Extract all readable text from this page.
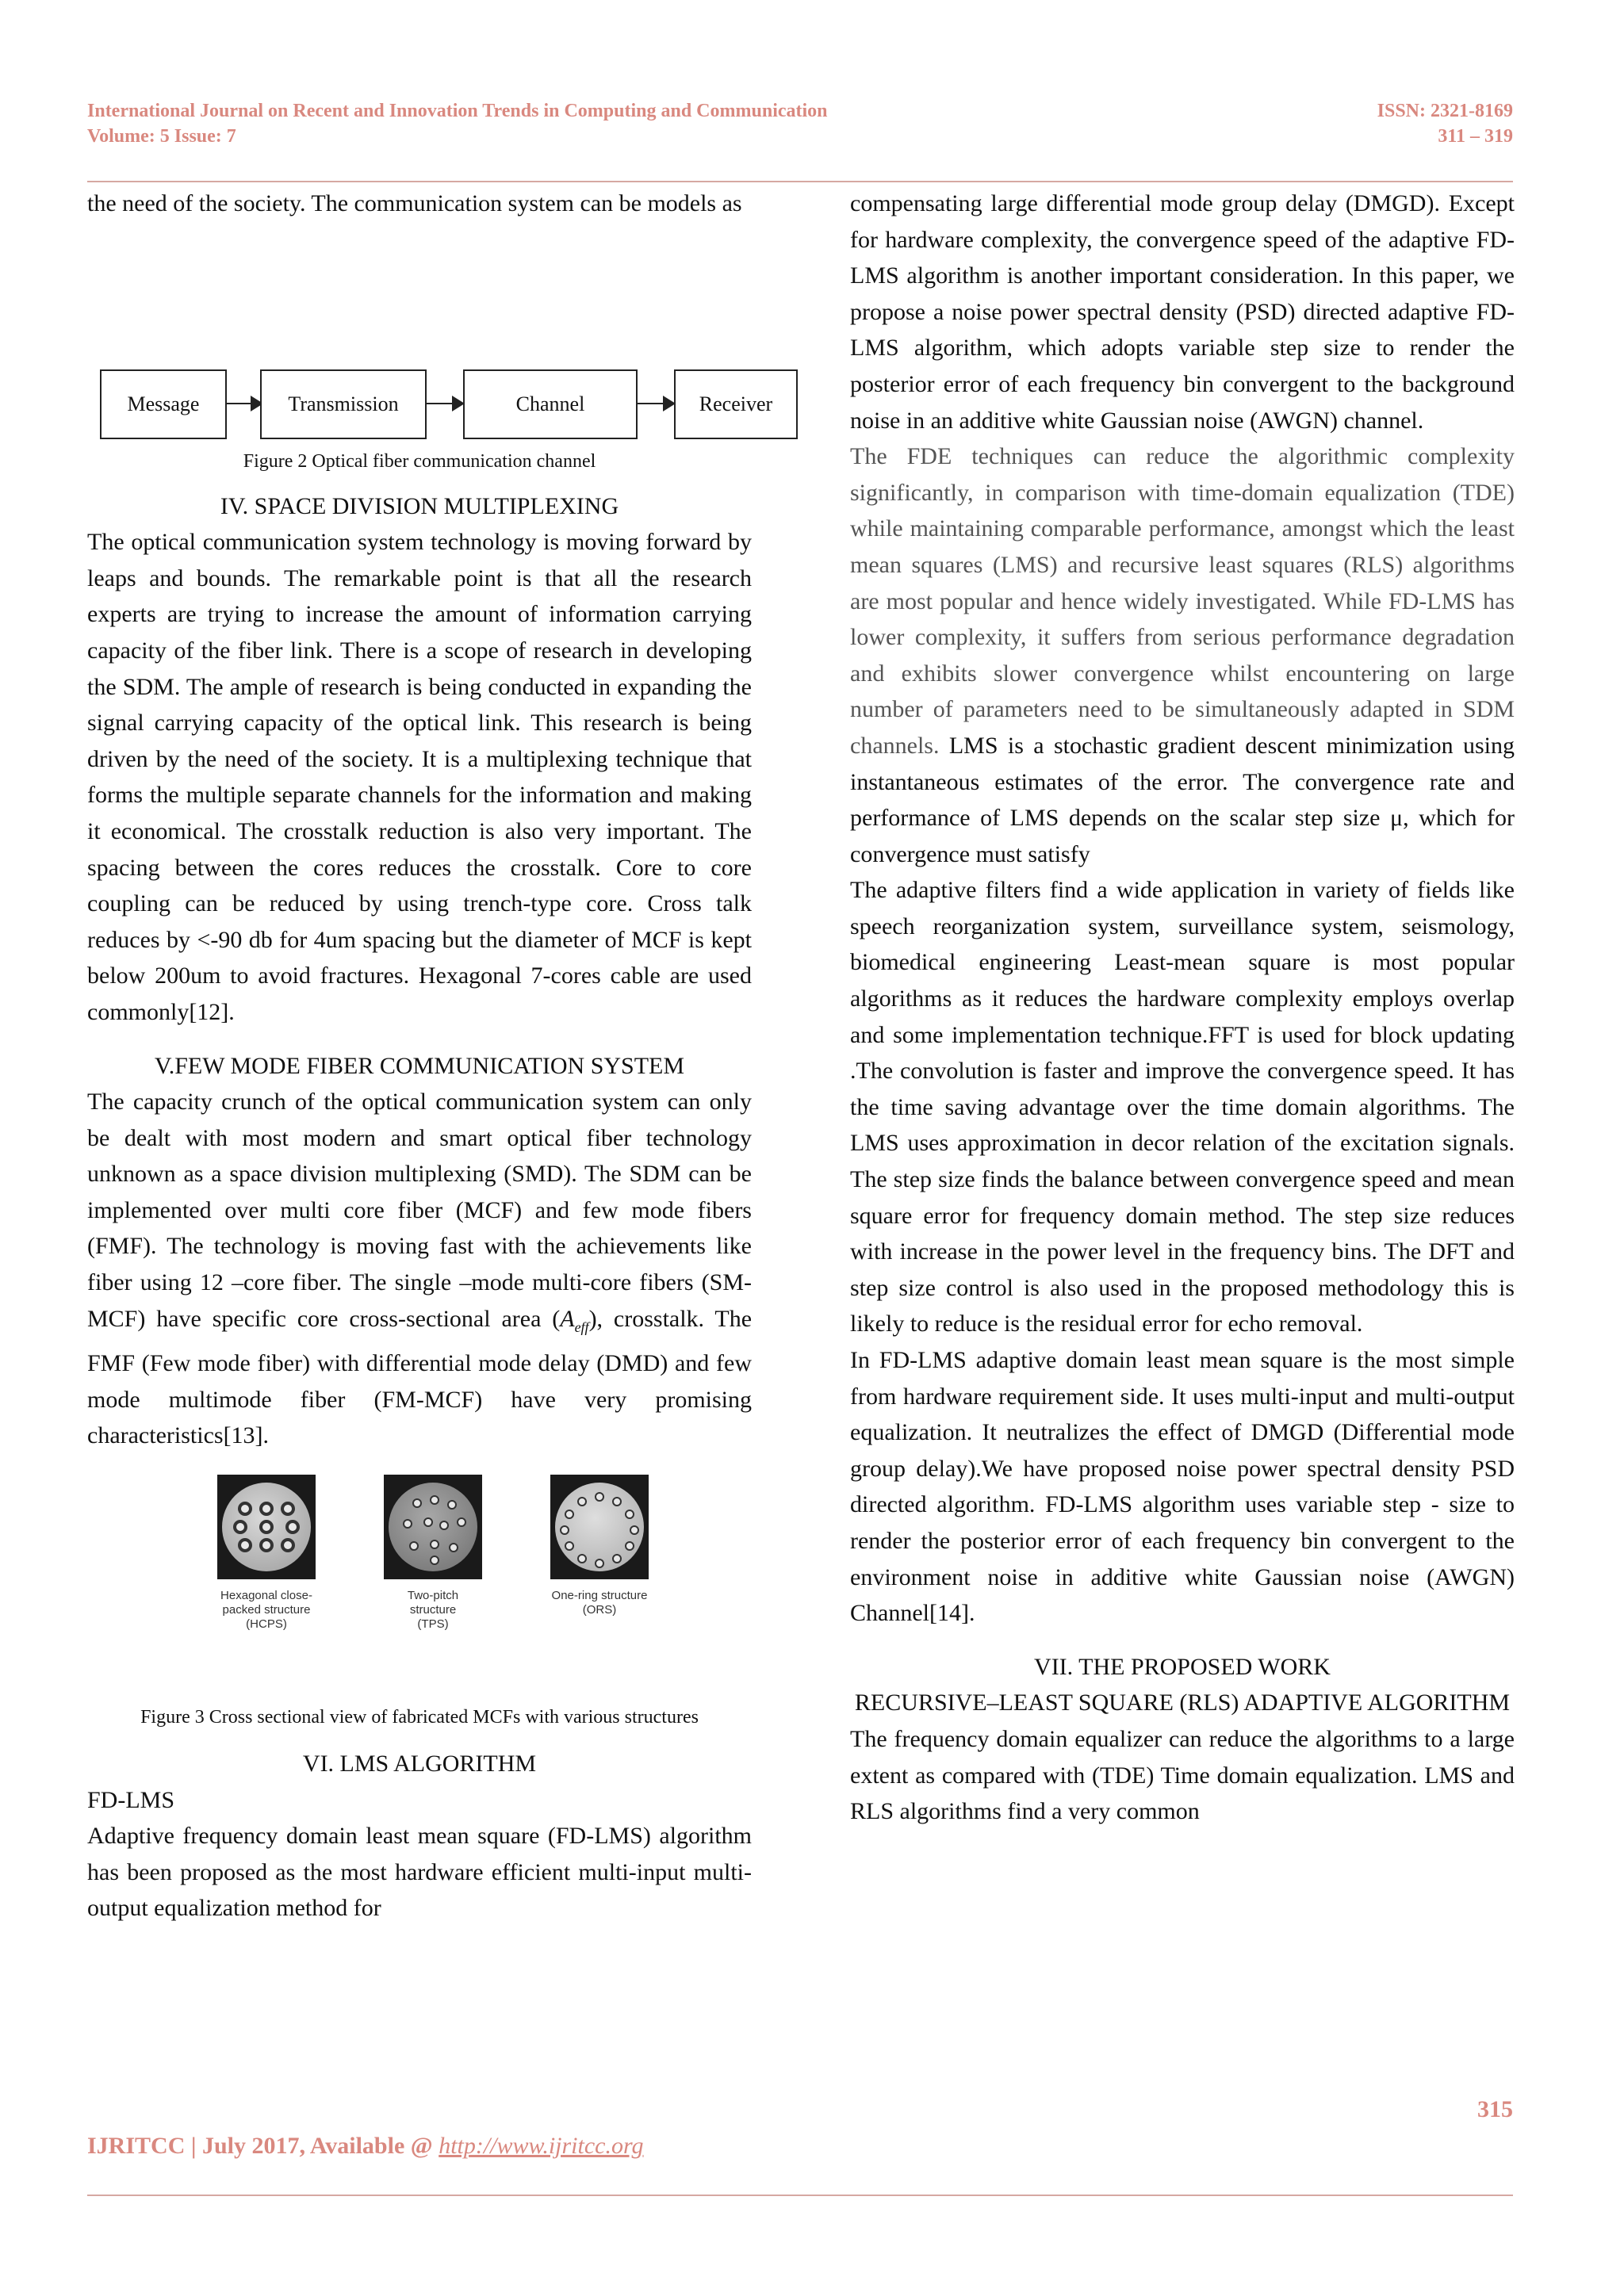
International Journal on Recent and Innovation Trends in Computing and Communication
Volume: 5 Issue: 7
ISSN: 2321-8169
311 – 319

the need of the society. The communication system can be models as

Message	Transmission	Channel	Receiver

Figure 2 Optical fiber communication channel

IV. SPACE DIVISION MULTIPLEXING

The optical communication system technology is moving forward by leaps and bounds. The remarkable point is that all the research experts are trying to increase the amount of information carrying capacity of the fiber link. There is a scope of research in developing the SDM. The ample of research is being conducted in expanding the signal carrying capacity of the optical link. This research is being driven by the need of the society. It is a multiplexing technique that forms the multiple separate channels for the information and making it economical. The crosstalk reduction is also very important. The spacing between the cores reduces the crosstalk. Core to core coupling can be reduced by using trench-type core. Cross talk reduces by <-90 db for 4um spacing but the diameter of MCF is kept below 200um to avoid fractures. Hexagonal 7-cores cable are used commonly[12].

V.FEW MODE FIBER COMMUNICATION SYSTEM

The capacity crunch of the optical communication system can only be dealt with most modern and smart optical fiber technology unknown as a space division multiplexing (SMD). The SDM can be implemented over multi core fiber (MCF) and few mode fibers (FMF). The technology is moving fast with the achievements like fiber using 12 –core fiber. The single –mode multi-core fibers (SM-MCF) have specific core cross-sectional area $(A_{eff})$, crosstalk. The FMF (Few mode fiber) with differential mode delay (DMD) and few mode multimode fiber (FM-MCF) have very promising characteristics[13].

Hexagonal close-packed structure
(HCPS)
Two-pitch structure
(TPS)
One-ring structure
(ORS)

Figure 3 Cross sectional view of fabricated MCFs with various structures

VI. LMS ALGORITHM

FD-LMS

Adaptive frequency domain least mean square (FD-LMS) algorithm has been proposed as the most hardware efficient multi-input multi-output equalization method for

compensating large differential mode group delay (DMGD). Except for hardware complexity, the convergence speed of the adaptive FD-LMS algorithm is another important consideration. In this paper, we propose a noise power spectral density (PSD) directed adaptive FD-LMS algorithm, which adopts variable step size to render the posterior error of each frequency bin convergent to the background noise in an additive white Gaussian noise (AWGN) channel.

The FDE techniques can reduce the algorithmic complexity significantly, in comparison with time-domain equalization (TDE) while maintaining comparable performance, amongst which the least mean squares (LMS) and recursive least squares (RLS) algorithms are most popular and hence widely investigated. While FD-LMS has lower complexity, it suffers from serious performance degradation and exhibits slower convergence whilst encountering on large number of parameters need to be simultaneously adapted in SDM channels. LMS is a stochastic gradient descent minimization using instantaneous estimates of the error. The convergence rate and performance of LMS depends on the scalar step size μ, which for convergence must satisfy

The adaptive filters find a wide application in variety of fields like speech reorganization system, surveillance system, seismology, biomedical engineering Least-mean square is most popular algorithms as it reduces the hardware complexity employs overlap and some implementation technique.FFT is used for block updating .The convolution is faster and improve the convergence speed. It has the time saving advantage over the time domain algorithms. The LMS uses approximation in decor relation of the excitation signals. The step size finds the balance between convergence speed and mean square error for frequency domain method. The step size reduces with increase in the power level in the frequency bins. The DFT and step size control is also used in the proposed methodology this is likely to reduce is the residual error for echo removal.

In FD-LMS adaptive domain least mean square is the most simple from hardware requirement side. It uses multi-input and multi-output equalization. It neutralizes the effect of DMGD (Differential mode group delay).We have proposed noise power spectral density PSD directed algorithm. FD-LMS algorithm uses variable step - size to render the posterior error of each frequency bin convergent to the environment noise in additive white Gaussian noise (AWGN) Channel[14].

VII. THE PROPOSED WORK

RECURSIVE–LEAST SQUARE (RLS) ADAPTIVE ALGORITHM

The frequency domain equalizer can reduce the algorithms to a large extent as compared with (TDE) Time domain equalization. LMS and RLS algorithms find a very common

315
IJRITCC | July 2017, Available @ http://www.ijritcc.org
